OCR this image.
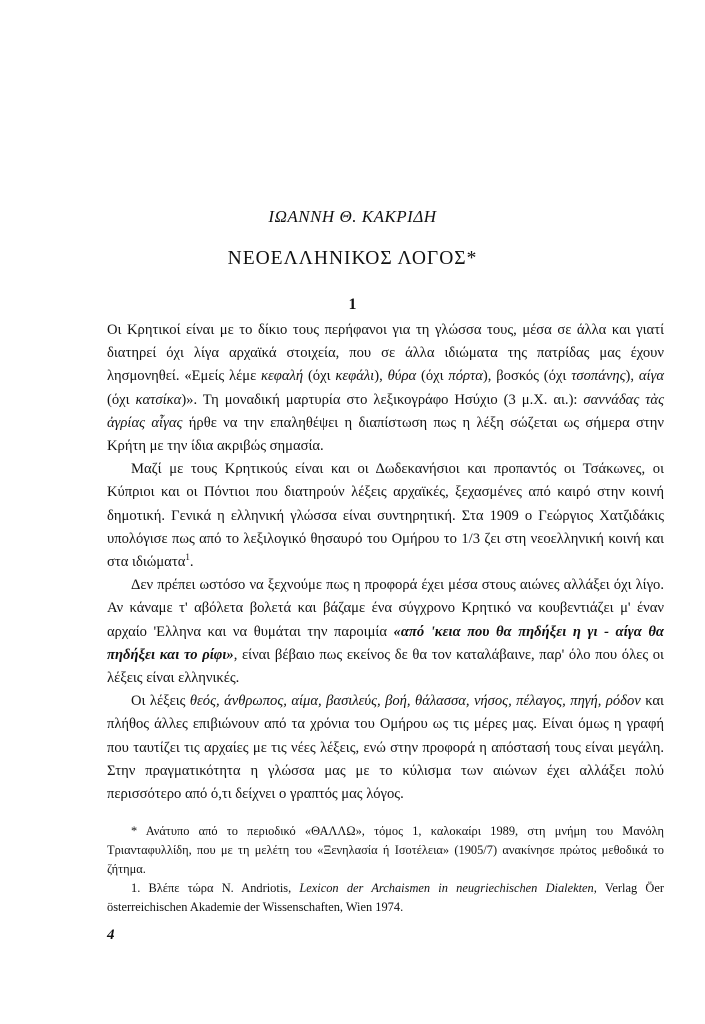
ΙΩΑΝΝΗ Θ. ΚΑΚΡΙΔΗ
ΝΕΟΕΛΛΗΝΙΚΟΣ ΛΟΓΟΣ*
1

Οι Κρητικοί είναι με το δίκιο τους περήφανοι για τη γλώσσα τους, μέσα σε άλλα και γιατί διατηρεί όχι λίγα αρχαϊκά στοιχεία, που σε άλλα ιδιώματα της πατρίδας μας έχουν λησμονηθεί. «Εμείς λέμε κεφαλή (όχι κεφάλι), θύρα (όχι πόρτα), βοσκός (όχι τσοπάνης), αίγα (όχι κατσίκα)». Τη μοναδική μαρτυρία στο λεξικογράφο Ησύχιο (3 μ.Χ. αι.): σαννάδας τὰς ἀγρίας αἶγας ήρθε να την επαληθέψει η διαπίστωση πως η λέξη σώζεται ως σήμερα στην Κρήτη με την ίδια ακριβώς σημασία.

Μαζί με τους Κρητικούς είναι και οι Δωδεκανήσιοι και προπαντός οι Τσάκωνες, οι Κύπριοι και οι Πόντιοι που διατηρούν λέξεις αρχαϊκές, ξεχασμένες από καιρό στην κοινή δημοτική. Γενικά η ελληνική γλώσσα είναι συντηρητική. Στα 1909 ο Γεώργιος Χατζιδάκις υπολόγισε πως από το λεξιλογικό θησαυρό του Ομήρου το 1/3 ζει στη νεοελληνική κοινή και στα ιδιώματα$^1$.

Δεν πρέπει ωστόσο να ξεχνούμε πως η προφορά έχει μέσα στους αιώνες αλλάξει όχι λίγο. Αν κάναμε τ' αβόλετα βολετά και βάζαμε ένα σύγχρονο Κρητικό να κουβεντιάζει μ' έναν αρχαίο 'Ελληνα και να θυμάται την παροιμία «από 'κεια που θα πηδήξει η γι - αίγα θα πηδήξει και το ρίφι», είναι βέβαιο πως εκείνος δε θα τον καταλάβαινε, παρ' όλο που όλες οι λέξεις είναι ελληνικές.

Οι λέξεις θεός, άνθρωπος, αίμα, βασιλεύς, βοή, θάλασσα, νήσος, πέλαγος, πηγή, ρόδον και πλήθος άλλες επιβιώνουν από τα χρόνια του Ομήρου ως τις μέρες μας. Είναι όμως η γραφή που ταυτίζει τις αρχαίες με τις νέες λέξεις, ενώ στην προφορά η απόστασή τους είναι μεγάλη. Στην πραγματικότητα η γλώσσα μας με το κύλισμα των αιώνων έχει αλλάξει πολύ περισσότερο από ό,τι δείχνει ο γραπτός μας λόγος.

* Ανάτυπο από το περιοδικό «ΘΑΛΛΩ», τόμος 1, καλοκαίρι 1989, στη μνήμη του Μανόλη Τριανταφυλλίδη, που με τη μελέτη του «Ξενηλασία ή Ισοτέλεια» (1905/7) ανακίνησε πρώτος μεθοδικά το ζήτημα.

1. Βλέπε τώρα N. Andriotis, Lexicon der Archaismen in neugriechischen Dialekten, Verlag Öer österreichischen Akademie der Wissenschaften, Wien 1974.

4
